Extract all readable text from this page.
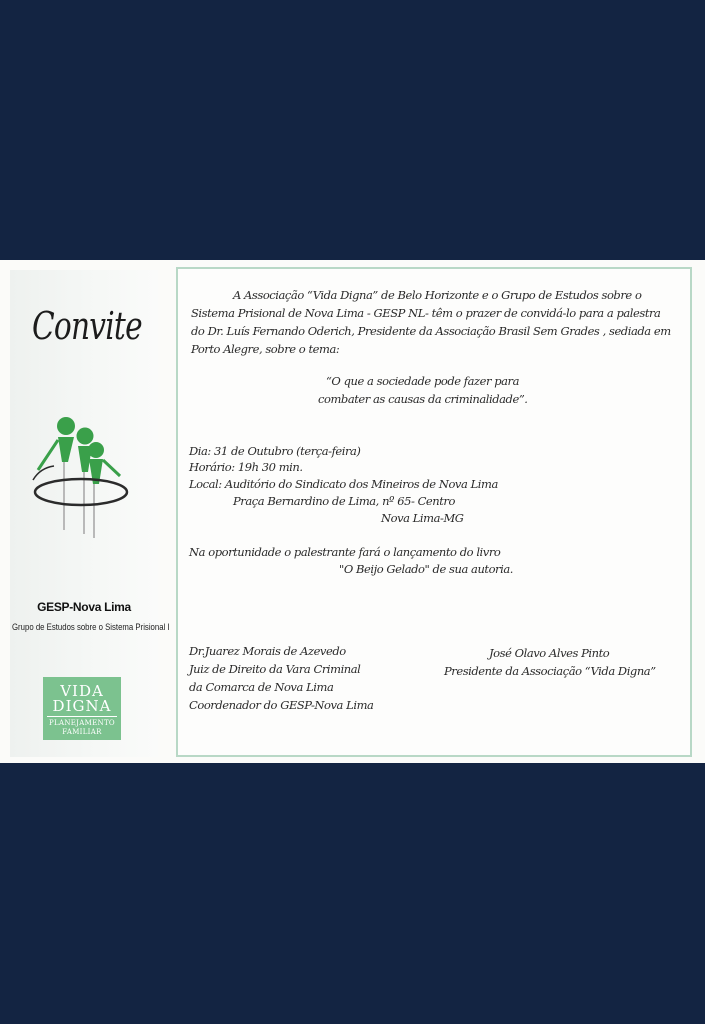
Convite
GESP-Nova Lima
Grupo de Estudos sobre o Sistema Prisional I
VIDA
DIGNA
PLANEJAMENTO
FAMILIAR
A Associação “Vida Digna” de Belo Horizonte e o Grupo de Estudos sobre o
Sistema Prisional de Nova Lima - GESP NL- têm o prazer de convidá-lo para a palestra
do Dr. Luís Fernando Oderich, Presidente da Associação Brasil Sem Grades , sediada em
Porto Alegre, sobre o tema:
“O que a sociedade pode fazer para
combater as causas da criminalidade”.
Dia: 31 de Outubro (terça-feira)
Horário: 19h 30 min.
Local: Auditório do Sindicato dos Mineiros de Nova Lima
Praça Bernardino de Lima, nº 65- Centro
Nova Lima-MG
Na oportunidade o palestrante fará o lançamento do livro
"O Beijo Gelado" de sua autoria.
Dr.Juarez Morais de Azevedo
Juiz de Direito da Vara Criminal
da Comarca de Nova Lima
Coordenador do GESP-Nova Lima
José Olavo Alves Pinto
Presidente da Associação “Vida Digna”
